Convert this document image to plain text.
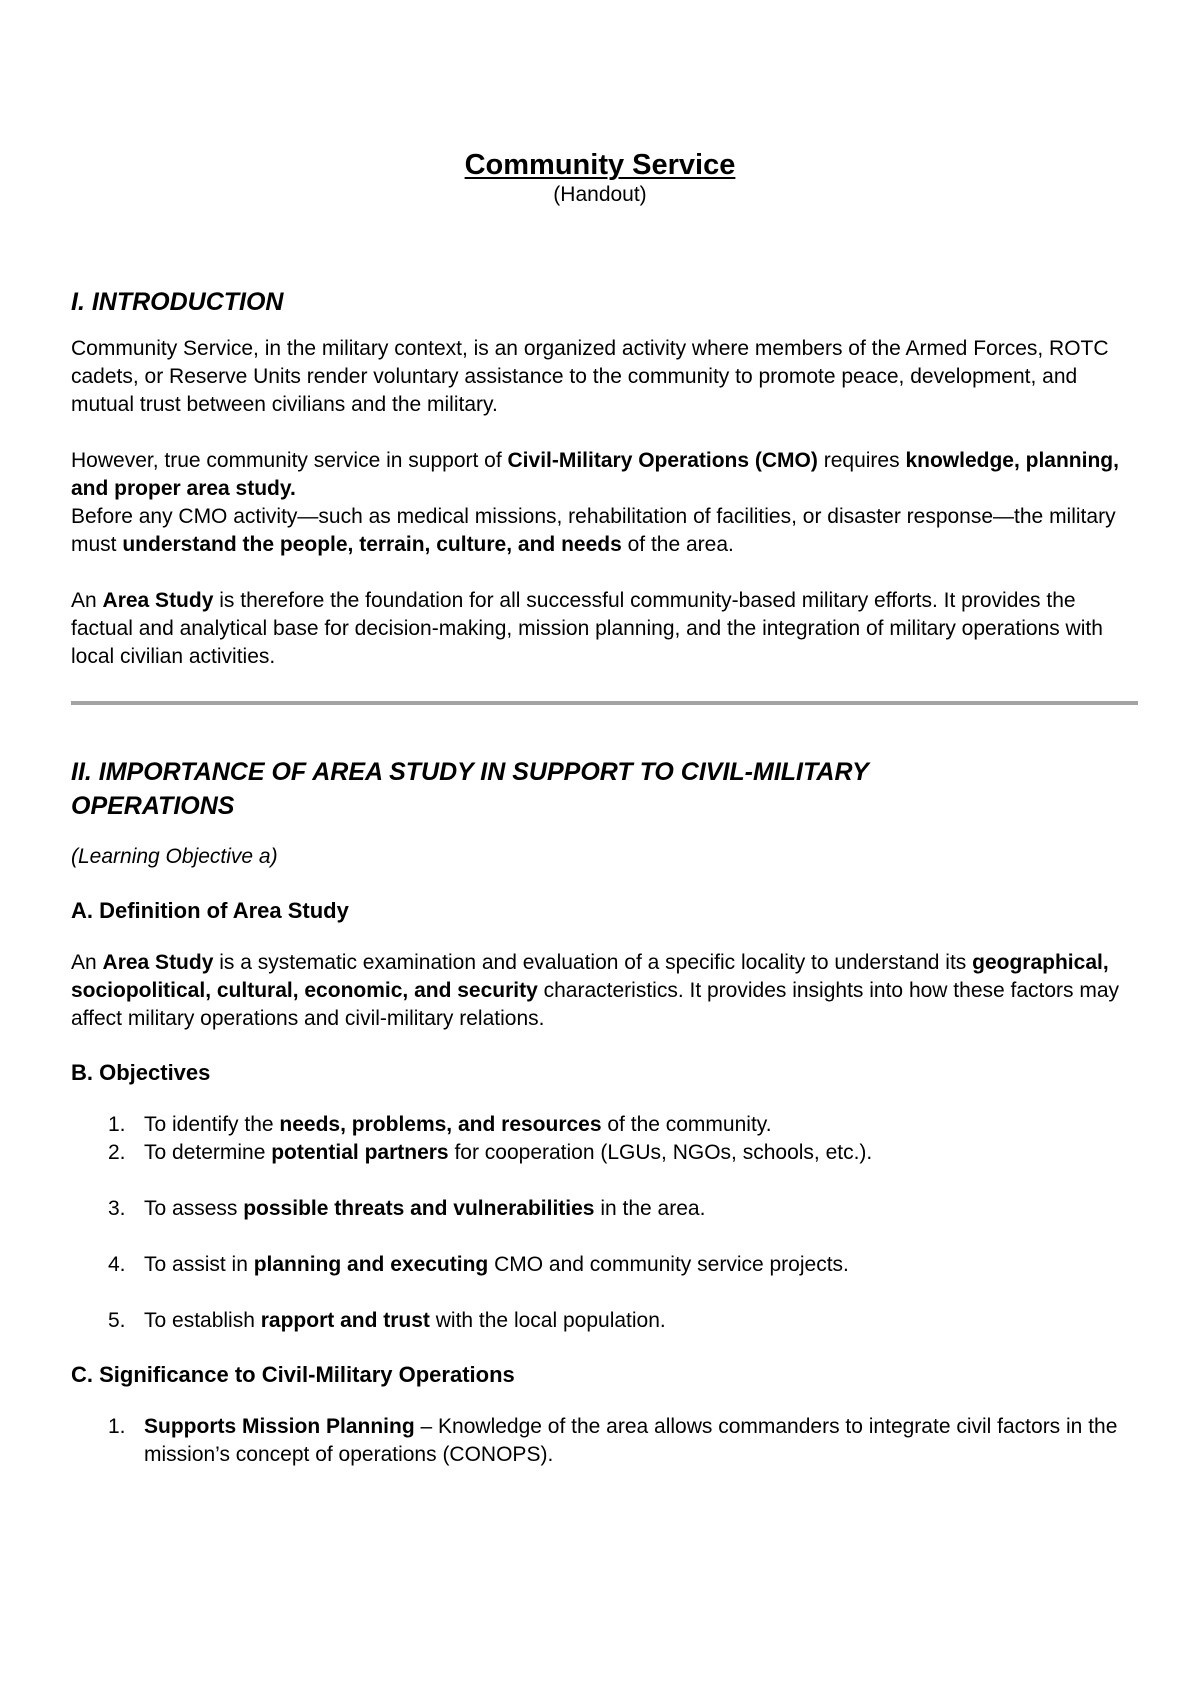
Community Service
(Handout)
I. INTRODUCTION

Community Service, in the military context, is an organized activity where members of the Armed Forces, ROTC cadets, or Reserve Units render voluntary assistance to the community to promote peace, development, and mutual trust between civilians and the military.

However, true community service in support of Civil-Military Operations (CMO) requires knowledge, planning, and proper area study.

Before any CMO activity—such as medical missions, rehabilitation of facilities, or disaster response—the military must understand the people, terrain, culture, and needs of the area.

An Area Study is therefore the foundation for all successful community-based military efforts. It provides the factual and analytical base for decision-making, mission planning, and the integration of military operations with local civilian activities.

II. IMPORTANCE OF AREA STUDY IN SUPPORT TO CIVIL-MILITARY
OPERATIONS
(Learning Objective a)
A. Definition of Area Study

An Area Study is a systematic examination and evaluation of a specific locality to understand its geographical, sociopolitical, cultural, economic, and security characteristics. It provides insights into how these factors may affect military operations and civil-military relations.

B. Objectives
1. To identify the needs, problems, and resources of the community.
2. To determine potential partners for cooperation (LGUs, NGOs, schools, etc.).
3. To assess possible threats and vulnerabilities in the area.
4. To assist in planning and executing CMO and community service projects.
5. To establish rapport and trust with the local population.
C. Significance to Civil-Military Operations
1. Supports Mission Planning – Knowledge of the area allows commanders to integrate civil factors in the mission’s concept of operations (CONOPS).
